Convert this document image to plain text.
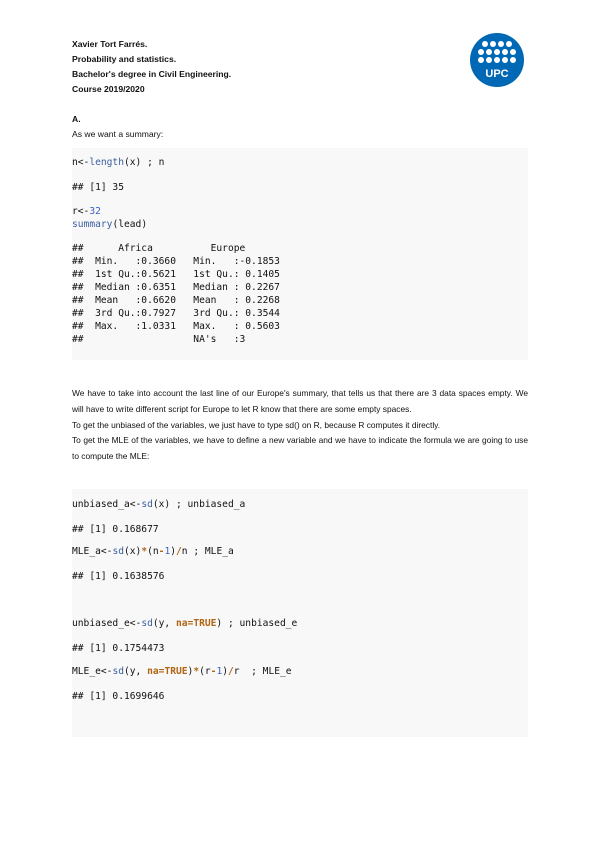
Xavier Tort Farrés.
Probability and statistics.
Bachelor's degree in Civil Engineering.
Course 2019/2020
UPC
A.
As we want a summary:
n<-length(x) ; n
## [1] 35
r<-32
summary(lead)
##      Africa          Europe
##  Min.   :0.3660   Min.   :-0.1853
##  1st Qu.:0.5621   1st Qu.: 0.1405
##  Median :0.6351   Median : 0.2267
##  Mean   :0.6620   Mean   : 0.2268
##  3rd Qu.:0.7927   3rd Qu.: 0.3544
##  Max.   :1.0331   Max.   : 0.5603
##                   NA's   :3

We have to take into account the last line of our Europe's summary, that tells us that there are 3 data spaces empty. We will have to write different script for Europe to let R know that there are some empty spaces.

To get the unbiased of the variables, we just have to type sd() on R, because R computes it directly.

To get the MLE of the variables, we have to define a new variable and we have to indicate the formula we are going to use to compute the MLE:

unbiased_a<-sd(x) ; unbiased_a
## [1] 0.168677
MLE_a<-sd(x)*(n-1)/n ; MLE_a
## [1] 0.1638576
unbiased_e<-sd(y, na=TRUE) ; unbiased_e
## [1] 0.1754473
MLE_e<-sd(y, na=TRUE)*(r-1)/r  ; MLE_e
## [1] 0.1699646
